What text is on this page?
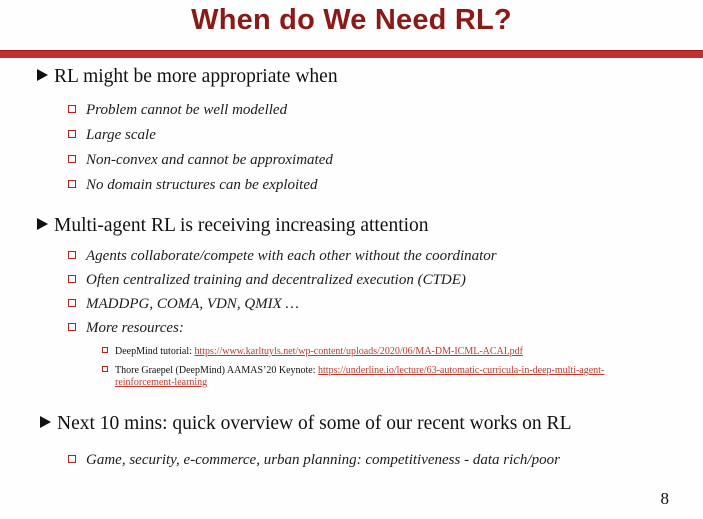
When do We Need RL?
RL might be more appropriate when
Problem cannot be well modelled
Large scale
Non-convex and cannot be approximated
No domain structures can be exploited
Multi-agent RL is receiving increasing attention
Agents collaborate/compete with each other without the coordinator
Often centralized training and decentralized execution (CTDE)
MADDPG, COMA, VDN, QMIX …
More resources:
DeepMind tutorial: https://www.karltuyls.net/wp-content/uploads/2020/06/MA-DM-ICML-ACAI.pdf
Thore Graepel (DeepMind) AAMAS’20 Keynote: https://underline.io/lecture/63-automatic-curricula-in-deep-multi-agent-
reinforcement-learning
Next 10 mins: quick overview of some of our recent works on RL
Game, security, e-commerce, urban planning: competitiveness - data rich/poor
8
